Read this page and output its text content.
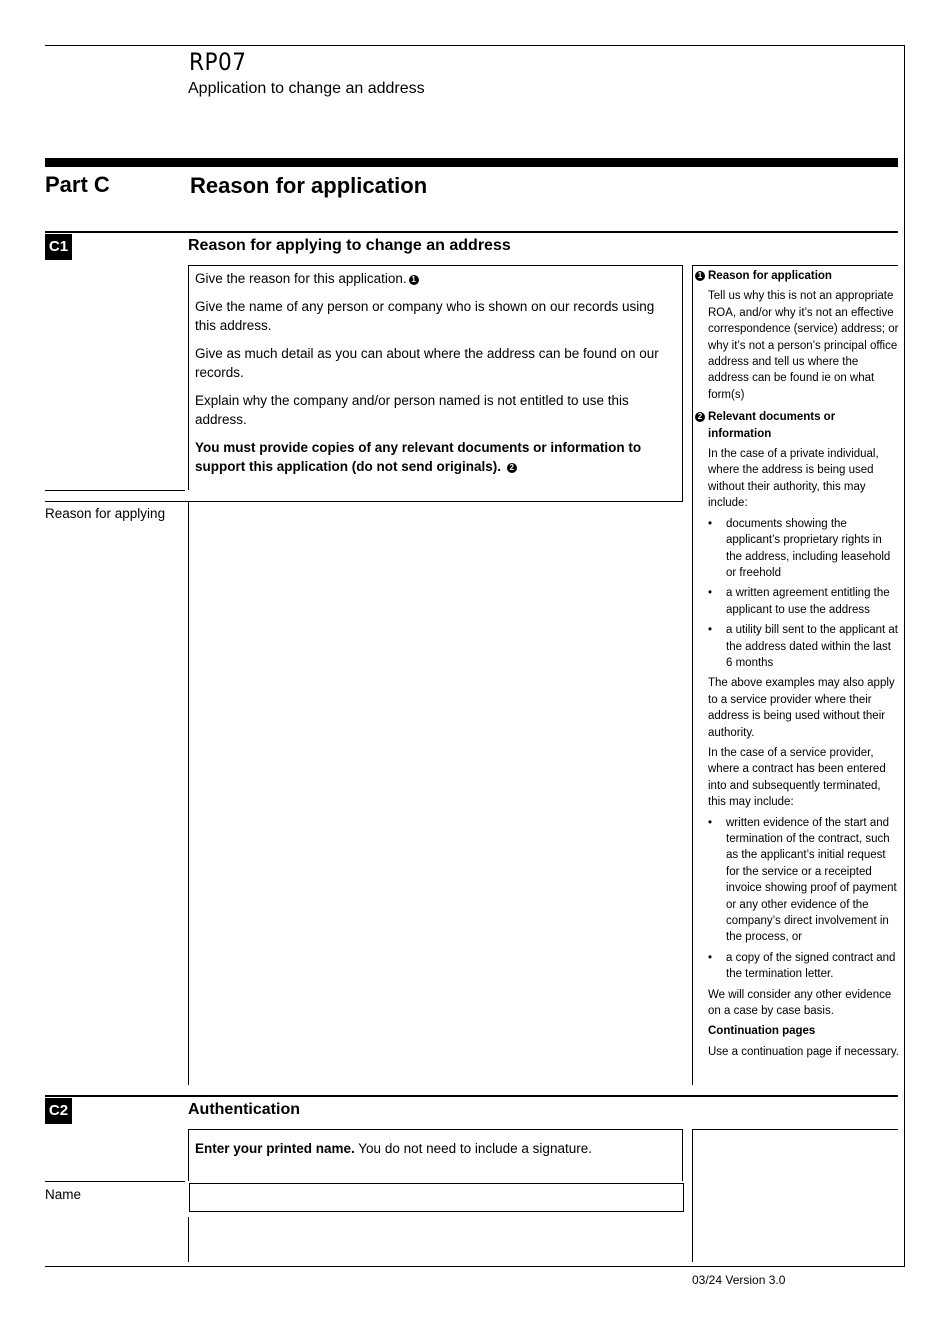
RP07
Application to change an address
Part C	Reason for application
C1	Reason for applying to change an address

Give the reason for this application. 1

Give the name of any person or company who is shown on our records using this address.

Give as much detail as you can about where the address can be found on our records.

Explain why the company and/or person named is not entitled to use this address.

You must provide copies of any relevant documents or information to support this application (do not send originals). 2

Reason for applying

1 Reason for application

Tell us why this is not an appropriate ROA, and/or why it’s not an effective correspondence (service) address; or why it’s not a person’s principal office address and tell us where the address can be found ie on what form(s)

2 Relevant documents or information

In the case of a private individual, where the address is being used without their authority, this may include:

• documents showing the applicant’s proprietary rights in the address, including leasehold or freehold
• a written agreement entitling the applicant to use the address
• a utility bill sent to the applicant at the address dated within the last 6 months

The above examples may also apply to a service provider where their address is being used without their authority.

In the case of a service provider, where a contract has been entered into and subsequently terminated, this may include:

• written evidence of the start and termination of the contract, such as the applicant’s initial request for the service or a receipted invoice showing proof of payment or any other evidence of the company’s direct involvement in the process, or
• a copy of the signed contract and the termination letter.

We will consider any other evidence on a case by case basis.

Continuation pages

Use a continuation page if necessary.

C2	Authentication

Enter your printed name. You do not need to include a signature.

Name
03/24 Version 3.0
